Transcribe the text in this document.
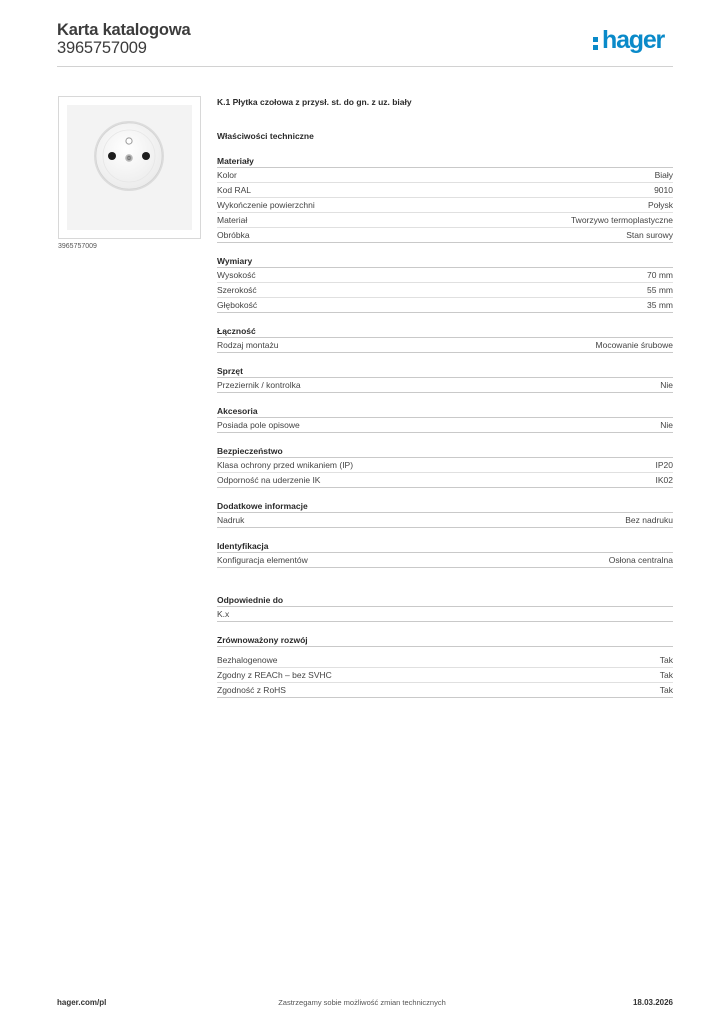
Karta katalogowa
3965757009	hager
3965757009
K.1 Płytka czołowa z przysł. st. do gn. z uz. biały
Właściwości techniczne
Materiały
Kolor	Biały
Kod RAL	9010
Wykończenie powierzchni	Połysk
Materiał	Tworzywo termoplastyczne
Obróbka	Stan surowy
Wymiary
Wysokość	70 mm
Szerokość	55 mm
Głębokość	35 mm
Łączność
Rodzaj montażu	Mocowanie śrubowe
Sprzęt
Przeziernik / kontrolka	Nie
Akcesoria
Posiada pole opisowe	Nie
Bezpieczeństwo
Klasa ochrony przed wnikaniem (IP)	IP20
Odporność na uderzenie IK	IK02
Dodatkowe informacje
Nadruk	Bez nadruku
Identyfikacja
Konfiguracja elementów	Osłona centralna
Odpowiednie do
K.x
Zrównoważony rozwój
Bezhalogenowe	Tak
Zgodny z REACh – bez SVHC	Tak
Zgodność z RoHS	Tak
Zastrzegamy sobie możliwość zmian technicznych
hager.com/pl	18.03.2026
